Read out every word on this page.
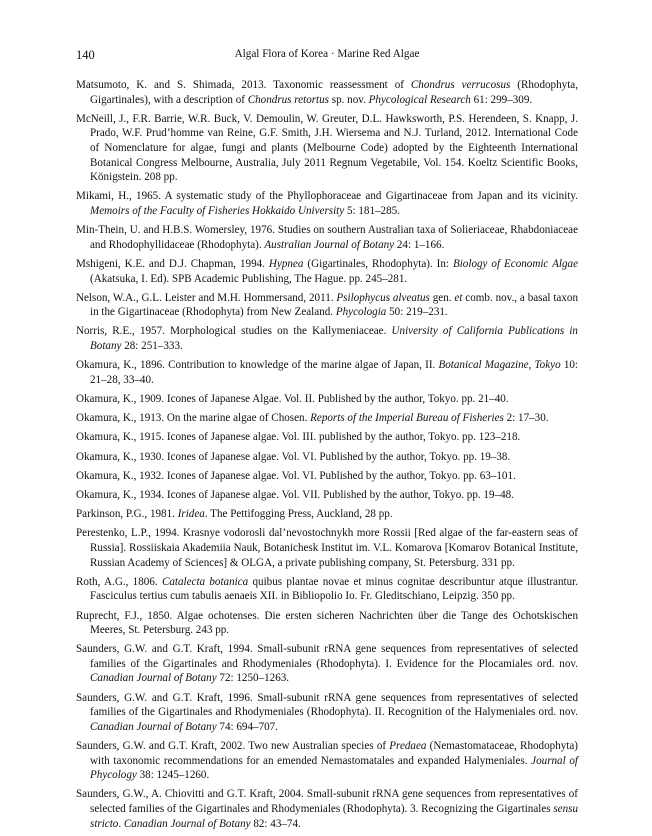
140	Algal Flora of Korea · Marine Red Algae

Matsumoto, K. and S. Shimada, 2013. Taxonomic reassessment of Chondrus verrucosus (Rhodophyta, Gigartinales), with a description of Chondrus retortus sp. nov. Phycological Research 61: 299–309.

McNeill, J., F.R. Barrie, W.R. Buck, V. Demoulin, W. Greuter, D.L. Hawksworth, P.S. Herendeen, S. Knapp, J. Prado, W.F. Prud’homme van Reine, G.F. Smith, J.H. Wiersema and N.J. Turland, 2012. International Code of Nomenclature for algae, fungi and plants (Melbourne Code) adopted by the Eighteenth International Botanical Congress Melbourne, Australia, July 2011 Regnum Vegetabile, Vol. 154. Koeltz Scientific Books, Königstein. 208 pp.

Mikami, H., 1965. A systematic study of the Phyllophoraceae and Gigartinaceae from Japan and its vicinity. Memoirs of the Faculty of Fisheries Hokkaido University 5: 181–285.

Min-Thein, U. and H.B.S. Womersley, 1976. Studies on southern Australian taxa of Solieriaceae, Rhabdoniaceae and Rhodophyllidaceae (Rhodophyta). Australian Journal of Botany 24: 1–166.

Mshigeni, K.E. and D.J. Chapman, 1994. Hypnea (Gigartinales, Rhodophyta). In: Biology of Economic Algae (Akatsuka, I. Ed). SPB Academic Publishing, The Hague. pp. 245–281.

Nelson, W.A., G.L. Leister and M.H. Hommersand, 2011. Psilophycus alveatus gen. et comb. nov., a basal taxon in the Gigartinaceae (Rhodophyta) from New Zealand. Phycologia 50: 219–231.

Norris, R.E., 1957. Morphological studies on the Kallymeniaceae. University of California Publications in Botany 28: 251–333.

Okamura, K., 1896. Contribution to knowledge of the marine algae of Japan, II. Botanical Magazine, Tokyo 10: 21–28, 33–40.

Okamura, K., 1909. Icones of Japanese Algae. Vol. II. Published by the author, Tokyo. pp. 21–40.

Okamura, K., 1913. On the marine algae of Chosen. Reports of the Imperial Bureau of Fisheries 2: 17–30.

Okamura, K., 1915. Icones of Japanese algae. Vol. III. published by the author, Tokyo. pp. 123–218.

Okamura, K., 1930. Icones of Japanese algae. Vol. VI. Published by the author, Tokyo. pp. 19–38.

Okamura, K., 1932. Icones of Japanese algae. Vol. VI. Published by the author, Tokyo. pp. 63–101.

Okamura, K., 1934. Icones of Japanese algae. Vol. VII. Published by the author, Tokyo. pp. 19–48.

Parkinson, P.G., 1981. Iridea. The Pettifogging Press, Auckland, 28 pp.

Perestenko, L.P., 1994. Krasnye vodorosli dal’nevostochnykh more Rossii [Red algae of the far-eastern seas of Russia]. Rossiiskaia Akademiia Nauk, Botanichesk Institut im. V.L. Komarova [Komarov Botanical Institute, Russian Academy of Sciences] & OLGA, a private publishing company, St. Petersburg. 331 pp.

Roth, A.G., 1806. Catalecta botanica quibus plantae novae et minus cognitae describuntur atque illustrantur. Fasciculus tertius cum tabulis aenaeis XII. in Bibliopolio Io. Fr. Gleditschiano, Leipzig. 350 pp.

Ruprecht, F.J., 1850. Algae ochotenses. Die ersten sicheren Nachrichten über die Tange des Ochotskischen Meeres, St. Petersburg. 243 pp.

Saunders, G.W. and G.T. Kraft, 1994. Small-subunit rRNA gene sequences from representatives of selected families of the Gigartinales and Rhodymeniales (Rhodophyta). I. Evidence for the Plocamiales ord. nov. Canadian Journal of Botany 72: 1250–1263.

Saunders, G.W. and G.T. Kraft, 1996. Small-subunit rRNA gene sequences from representatives of selected families of the Gigartinales and Rhodymeniales (Rhodophyta). II. Recognition of the Halymeniales ord. nov. Canadian Journal of Botany 74: 694–707.

Saunders, G.W. and G.T. Kraft, 2002. Two new Australian species of Predaea (Nemastomataceae, Rhodophyta) with taxonomic recommendations for an emended Nemastomatales and expanded Halymeniales. Journal of Phycology 38: 1245–1260.

Saunders, G.W., A. Chiovitti and G.T. Kraft, 2004. Small-subunit rRNA gene sequences from representatives of selected families of the Gigartinales and Rhodymeniales (Rhodophyta). 3. Recognizing the Gigartinales sensu stricto. Canadian Journal of Botany 82: 43–74.
